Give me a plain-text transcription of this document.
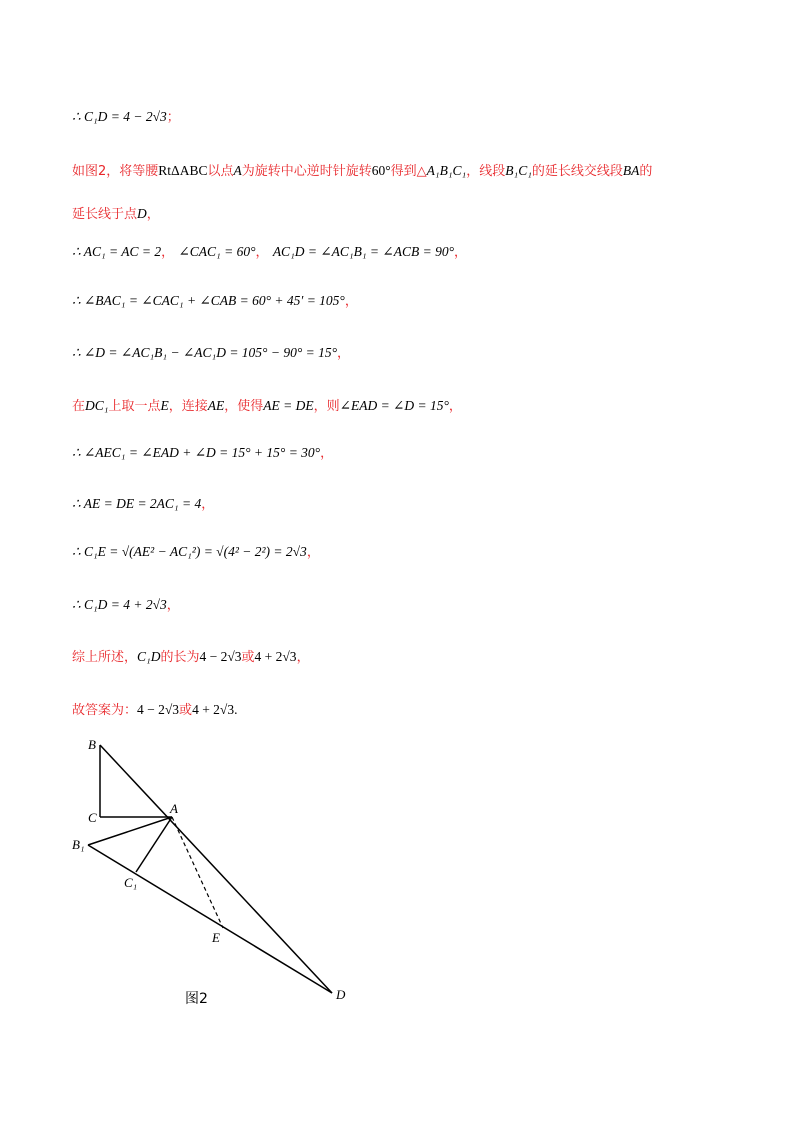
∴ C₁D = 4 − 2√3；
如图2，将等腰RtΔABC以点A为旋转中心逆时针旋转60°得到△A₁B₁C₁，线段B₁C₁的延长线交线段BA的
延长线于点D，
∴ AC₁ = AC = 2， ∠CAC₁ = 60°， AC₁D = ∠AC₁B₁ = ∠ACB = 90°，
∴ ∠BAC₁ = ∠CAC₁ + ∠CAB = 60° + 45′ = 105°，
∴ ∠D = ∠AC₁B₁ − ∠AC₁D = 105° − 90° = 15°，
在DC₁上取一点E，连接AE，使得AE = DE，则∠EAD = ∠D = 15°，
∴ ∠AEC₁ = ∠EAD + ∠D = 15° + 15° = 30°，
∴ AE = DE = 2AC₁ = 4，
∴ C₁E = √(AE² − AC₁²) = √(4² − 2²) = 2√3，
∴ C₁D = 4 + 2√3，
综上所述，C₁D的长为4 − 2√3或4 + 2√3，
故答案为：4 − 2√3或4 + 2√3.
B
C
A
B₁
C₁
E
D
图2
